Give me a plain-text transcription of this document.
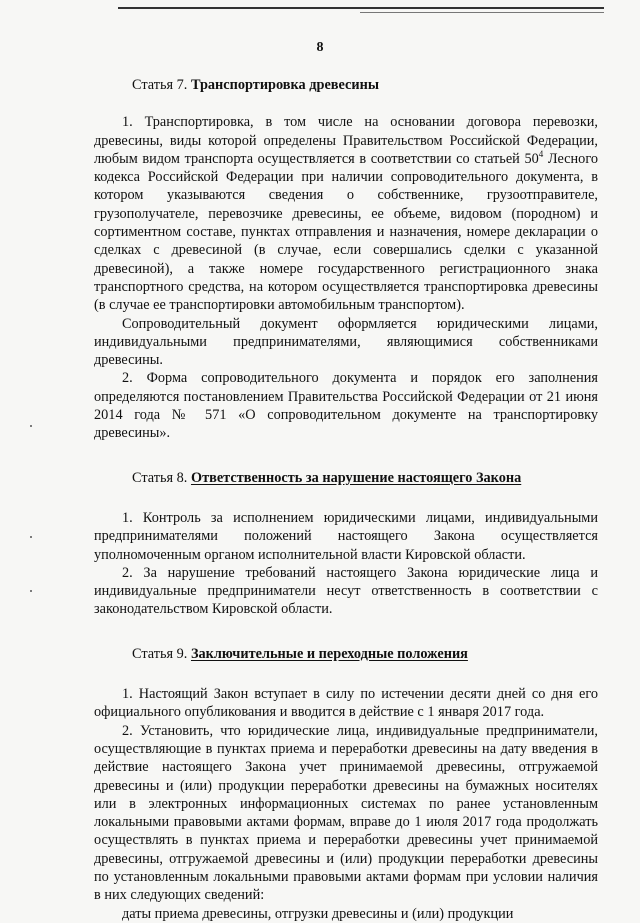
8
Статья 7. Транспортировка древесины

1. Транспортировка, в том числе на основании договора перевозки, древесины, виды которой определены Правительством Российской Федерации, любым видом транспорта осуществляется в соответствии со статьей $50^4$ Лесного кодекса Российской Федерации при наличии сопроводительного документа, в котором указываются сведения о собственнике, грузоотправителе, грузополучателе, перевозчике древесины, ее объеме, видовом (породном) и сортиментном составе, пунктах отправления и назначения, номере декларации о сделках с древесиной (в случае, если совершались сделки с указанной древесиной), а также номере государственного регистрационного знака транспортного средства, на котором осуществляется транспортировка древесины (в случае ее транспортировки автомобильным транспортом).

Сопроводительный документ оформляется юридическими лицами, индивидуальными предпринимателями, являющимися собственниками древесины.

2. Форма сопроводительного документа и порядок его заполнения определяются постановлением Правительства Российской Федерации от 21 июня 2014 года № 571 «О сопроводительном документе на транспортировку древесины».

Статья 8. Ответственность за нарушение настоящего Закона

1. Контроль за исполнением юридическими лицами, индивидуальными предпринимателями положений настоящего Закона осуществляется уполномоченным органом исполнительной власти Кировской области.

2. За нарушение требований настоящего Закона юридические лица и индивидуальные предприниматели несут ответственность в соответствии с законодательством Кировской области.

Статья 9. Заключительные и переходные положения

1. Настоящий Закон вступает в силу по истечении десяти дней со дня его официального опубликования и вводится в действие с 1 января 2017 года.

2. Установить, что юридические лица, индивидуальные предприниматели, осуществляющие в пунктах приема и переработки древесины на дату введения в действие настоящего Закона учет принимаемой древесины, отгружаемой древесины и (или) продукции переработки древесины на бумажных носителях или в электронных информационных системах по ранее установленным локальными правовыми актами формам, вправе до 1 июля 2017 года продолжать осуществлять в пунктах приема и переработки древесины учет принимаемой древесины, отгружаемой древесины и (или) продукции переработки древесины по установленным локальными правовыми актами формам при условии наличия в них следующих сведений:

даты приема древесины, отгрузки древесины и (или) продукции
